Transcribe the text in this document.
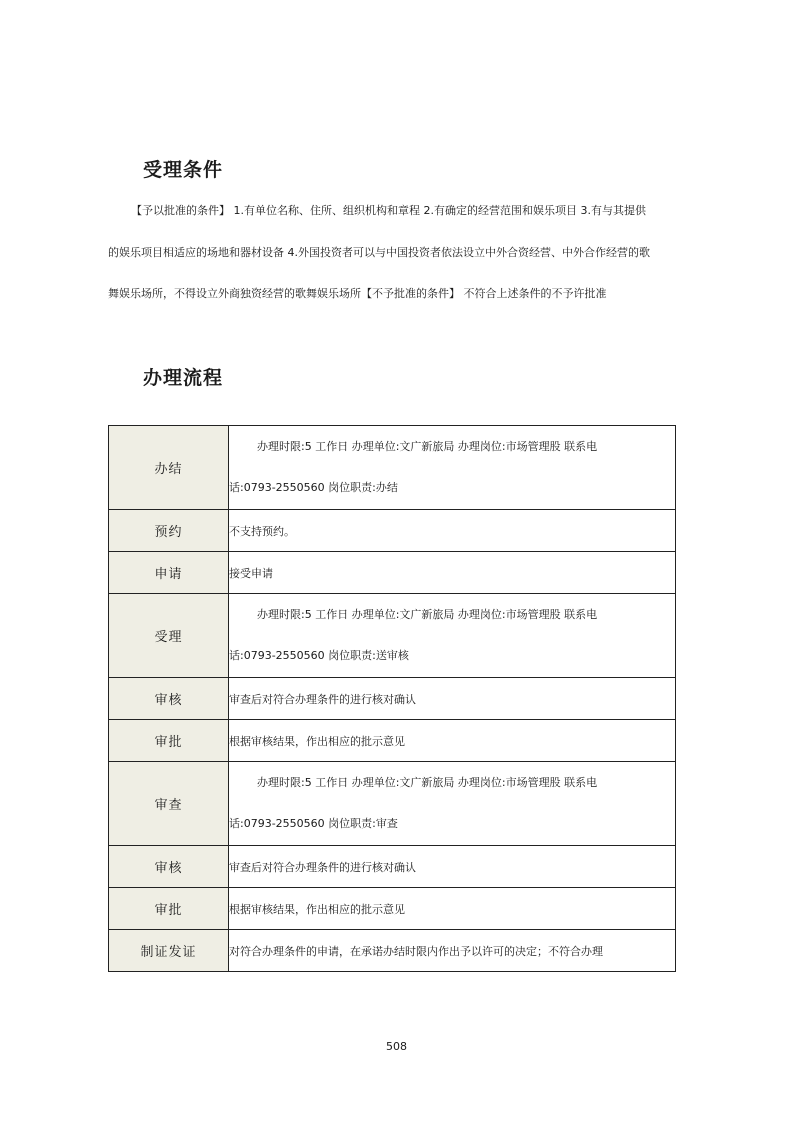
受理条件
【予以批准的条件】 1.有单位名称、住所、组织机构和章程 2.有确定的经营范围和娱乐项目 3.有与其提供
的娱乐项目相适应的场地和器材设备 4.外国投资者可以与中国投资者依法设立中外合资经营、中外合作经营的歌
舞娱乐场所，不得设立外商独资经营的歌舞娱乐场所【不予批准的条件】 不符合上述条件的不予许批准
办理流程
办结	办理时限:5 工作日 办理单位:文广新旅局 办理岗位:市场管理股 联系电
话:0793-2550560 岗位职责:办结

预约	不支持预约。
申请	接受申请
受理	办理时限:5 工作日 办理单位:文广新旅局 办理岗位:市场管理股 联系电
话:0793-2550560 岗位职责:送审核

审核	审查后对符合办理条件的进行核对确认
审批	根据审核结果，作出相应的批示意见
审查	办理时限:5 工作日 办理单位:文广新旅局 办理岗位:市场管理股 联系电
话:0793-2550560 岗位职责:审查

审核	审查后对符合办理条件的进行核对确认
审批	根据审核结果，作出相应的批示意见
制证发证	对符合办理条件的申请，在承诺办结时限内作出予以许可的决定；不符合办理
508
